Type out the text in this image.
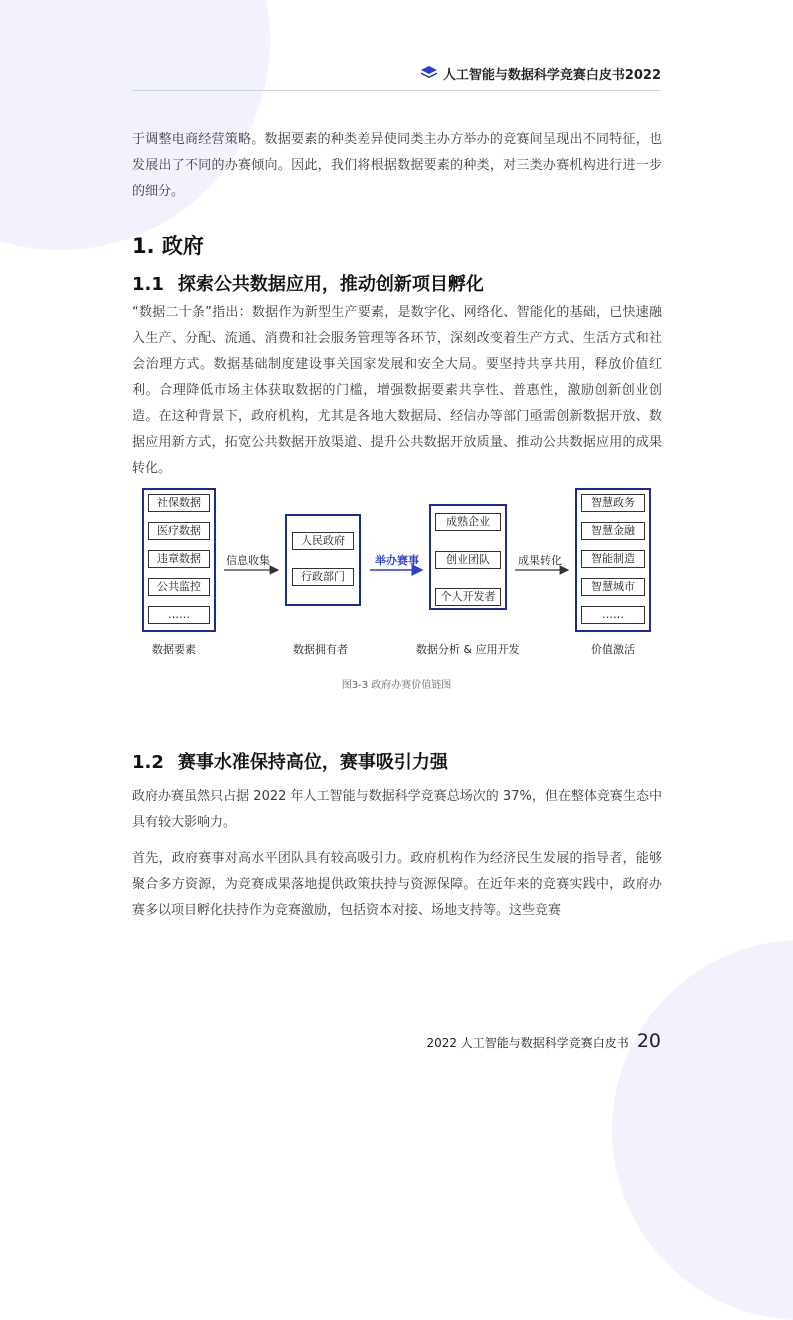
人工智能与数据科学竞赛白皮书2022

于调整电商经营策略。数据要素的种类差异使同类主办方举办的竞赛间呈现出不同特征，也发展出了不同的办赛倾向。因此，我们将根据数据要素的种类，对三类办赛机构进行进一步的细分。

1. 政府
1.1 探索公共数据应用，推动创新项目孵化

“数据二十条”指出：数据作为新型生产要素，是数字化、网络化、智能化的基础，已快速融入生产、分配、流通、消费和社会服务管理等各环节，深刻改变着生产方式、生活方式和社会治理方式。数据基础制度建设事关国家发展和安全大局。要坚持共享共用，释放价值红利。合理降低市场主体获取数据的门槛，增强数据要素共享性、普惠性，激励创新创业创造。在这种背景下，政府机构，尤其是各地大数据局、经信办等部门亟需创新数据开放、数据应用新方式，拓宽公共数据开放渠道、提升公共数据开放质量、推动公共数据应用的成果转化。

社保数据
医疗数据
违章数据
公共监控
……
人民政府
行政部门
成熟企业
创业团队
个人开发者
智慧政务
智慧金融
智能制造
智慧城市
……
信息收集	举办赛事	成果转化
数据要素	数据拥有者	数据分析 & 应用开发	价值激活
图3-3 政府办赛价值链图
1.2 赛事水准保持高位，赛事吸引力强

政府办赛虽然只占据 2022 年人工智能与数据科学竞赛总场次的 37%，但在整体竞赛生态中具有较大影响力。

首先，政府赛事对高水平团队具有较高吸引力。政府机构作为经济民生发展的指导者，能够聚合多方资源，为竞赛成果落地提供政策扶持与资源保障。在近年来的竞赛实践中，政府办赛多以项目孵化扶持作为竞赛激励，包括资本对接、场地支持等。这些竞赛

2022 人工智能与数据科学竞赛白皮书 20
